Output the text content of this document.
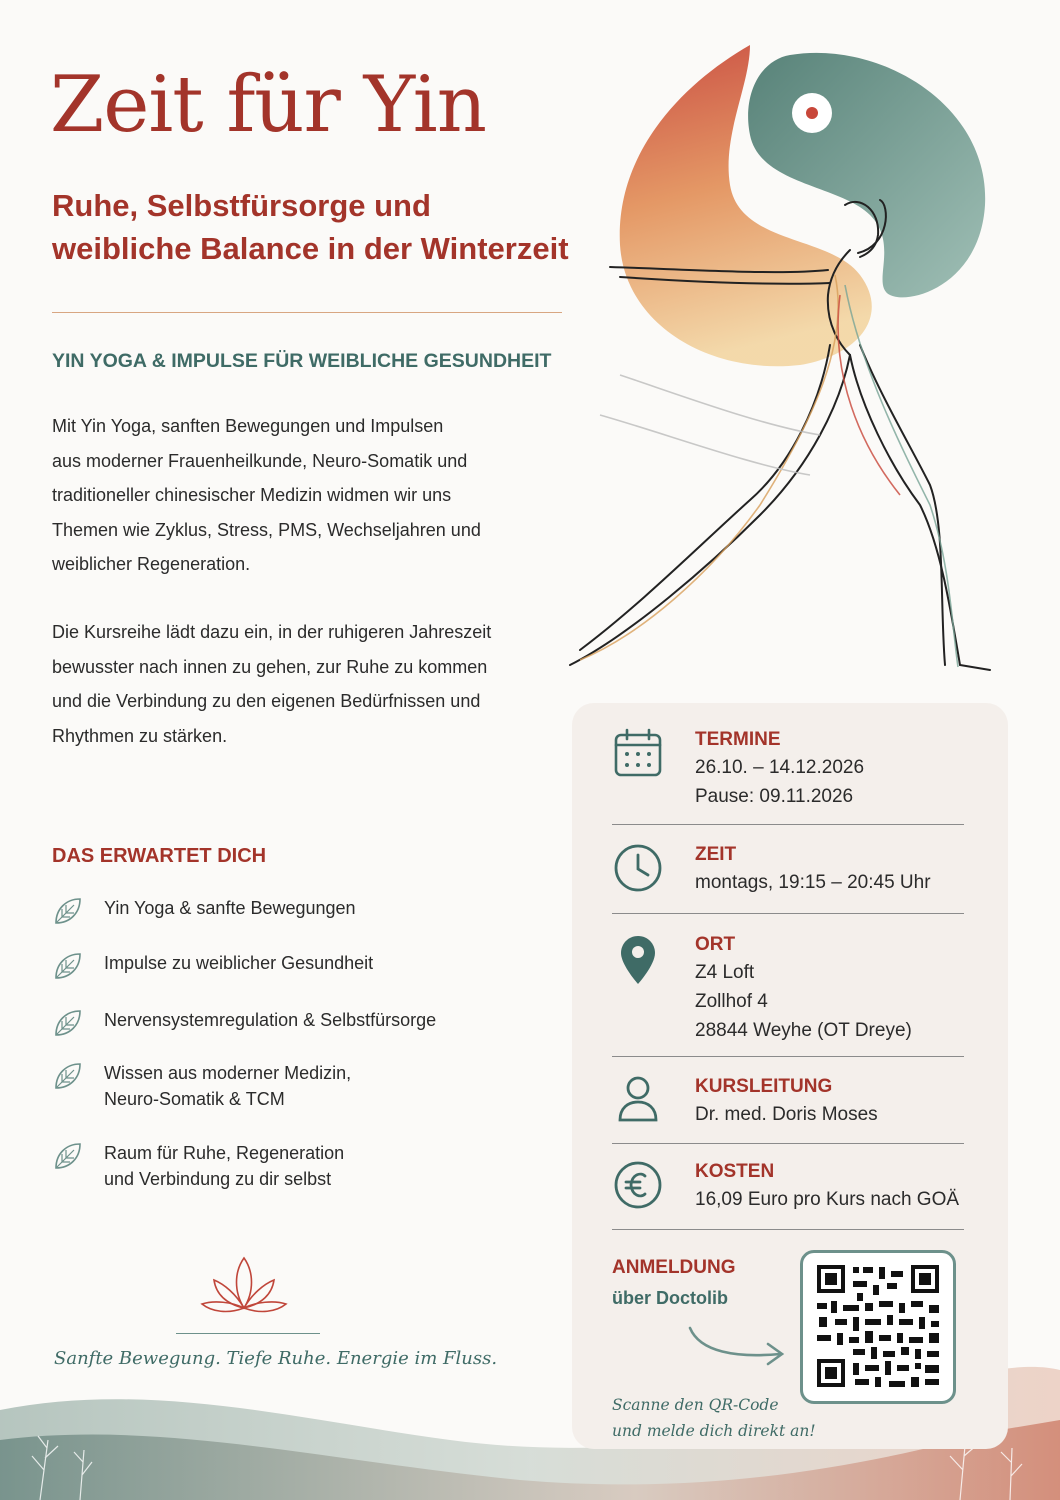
Zeit für Yin
Ruhe, Selbstfürsorge und
weibliche Balance in der Winterzeit
YIN YOGA & IMPULSE FÜR WEIBLICHE GESUNDHEIT
Mit Yin Yoga, sanften Bewegungen und Impulsen
aus moderner Frauenheilkunde, Neuro-Somatik und
traditioneller chinesischer Medizin widmen wir uns
Themen wie Zyklus, Stress, PMS, Wechseljahren und
weiblicher Regeneration.
Die Kursreihe lädt dazu ein, in der ruhigeren Jahreszeit
bewusster nach innen zu gehen, zur Ruhe zu kommen
und die Verbindung zu den eigenen Bedürfnissen und
Rhythmen zu stärken.
DAS ERWARTET DICH
Yin Yoga & sanfte Bewegungen
Impulse zu weiblicher Gesundheit
Nervensystemregulation & Selbstfürsorge
Wissen aus moderner Medizin,
Neuro-Somatik & TCM
Raum für Ruhe, Regeneration
und Verbindung zu dir selbst
Sanfte Bewegung. Tiefe Ruhe. Energie im Fluss.
TERMINE
26.10. – 14.12.2026
Pause: 09.11.2026
ZEIT
montags, 19:15 – 20:45 Uhr
ORT
Z4 Loft
Zollhof 4
28844 Weyhe (OT Dreye)
KURSLEITUNG
Dr. med. Doris Moses
KOSTEN
16,09 Euro pro Kurs nach GOÄ
ANMELDUNG
über Doctolib
Scanne den QR-Code
und melde dich direkt an!
